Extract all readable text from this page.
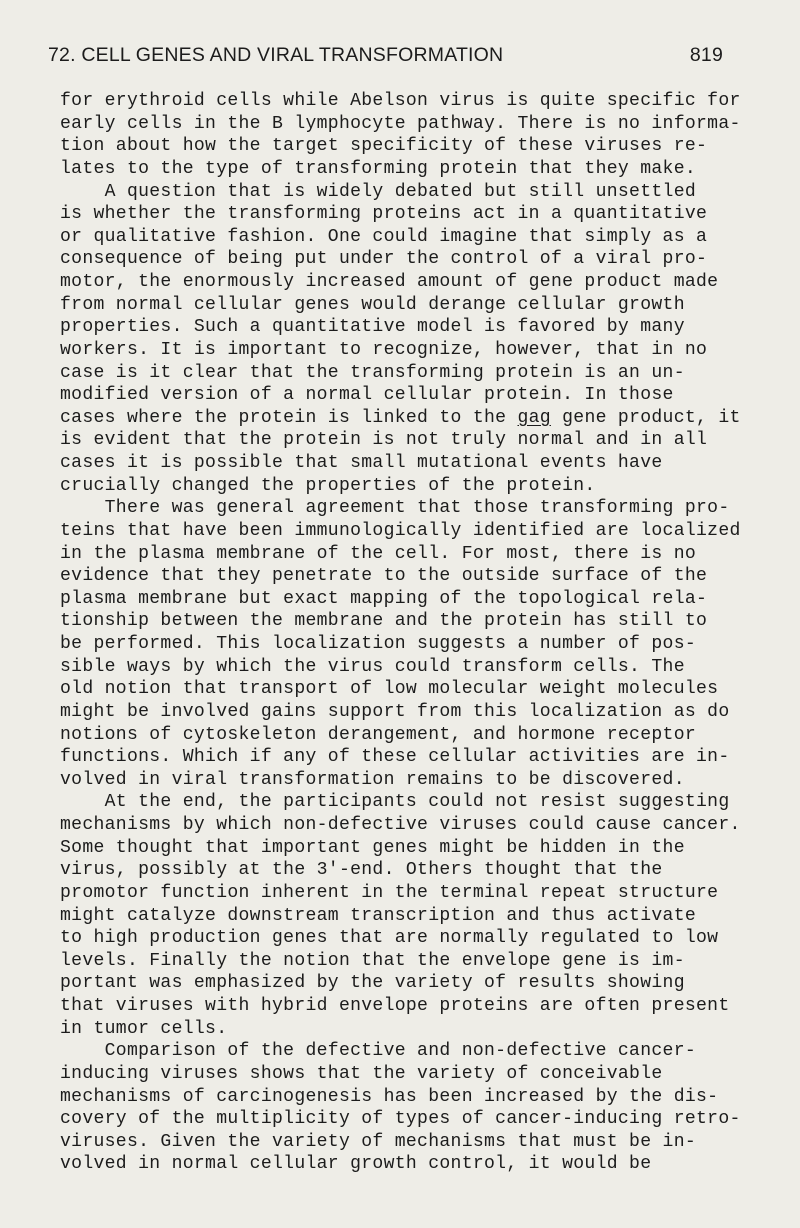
72. CELL GENES AND VIRAL TRANSFORMATION	819
for erythroid cells while Abelson virus is quite specific for
early cells in the B lymphocyte pathway. There is no informa-
tion about how the target specificity of these viruses re-
lates to the type of transforming protein that they make.
A question that is widely debated but still unsettled
is whether the transforming proteins act in a quantitative
or qualitative fashion. One could imagine that simply as a
consequence of being put under the control of a viral pro-
motor, the enormously increased amount of gene product made
from normal cellular genes would derange cellular growth
properties. Such a quantitative model is favored by many
workers. It is important to recognize, however, that in no
case is it clear that the transforming protein is an un-
modified version of a normal cellular protein. In those
cases where the protein is linked to the gag gene product, it
is evident that the protein is not truly normal and in all
cases it is possible that small mutational events have
crucially changed the properties of the protein.
There was general agreement that those transforming pro-
teins that have been immunologically identified are localized
in the plasma membrane of the cell. For most, there is no
evidence that they penetrate to the outside surface of the
plasma membrane but exact mapping of the topological rela-
tionship between the membrane and the protein has still to
be performed. This localization suggests a number of pos-
sible ways by which the virus could transform cells. The
old notion that transport of low molecular weight molecules
might be involved gains support from this localization as do
notions of cytoskeleton derangement, and hormone receptor
functions. Which if any of these cellular activities are in-
volved in viral transformation remains to be discovered.
At the end, the participants could not resist suggesting
mechanisms by which non-defective viruses could cause cancer.
Some thought that important genes might be hidden in the
virus, possibly at the 3'-end. Others thought that the
promotor function inherent in the terminal repeat structure
might catalyze downstream transcription and thus activate
to high production genes that are normally regulated to low
levels. Finally the notion that the envelope gene is im-
portant was emphasized by the variety of results showing
that viruses with hybrid envelope proteins are often present
in tumor cells.
Comparison of the defective and non-defective cancer-
inducing viruses shows that the variety of conceivable
mechanisms of carcinogenesis has been increased by the dis-
covery of the multiplicity of types of cancer-inducing retro-
viruses. Given the variety of mechanisms that must be in-
volved in normal cellular growth control, it would be
